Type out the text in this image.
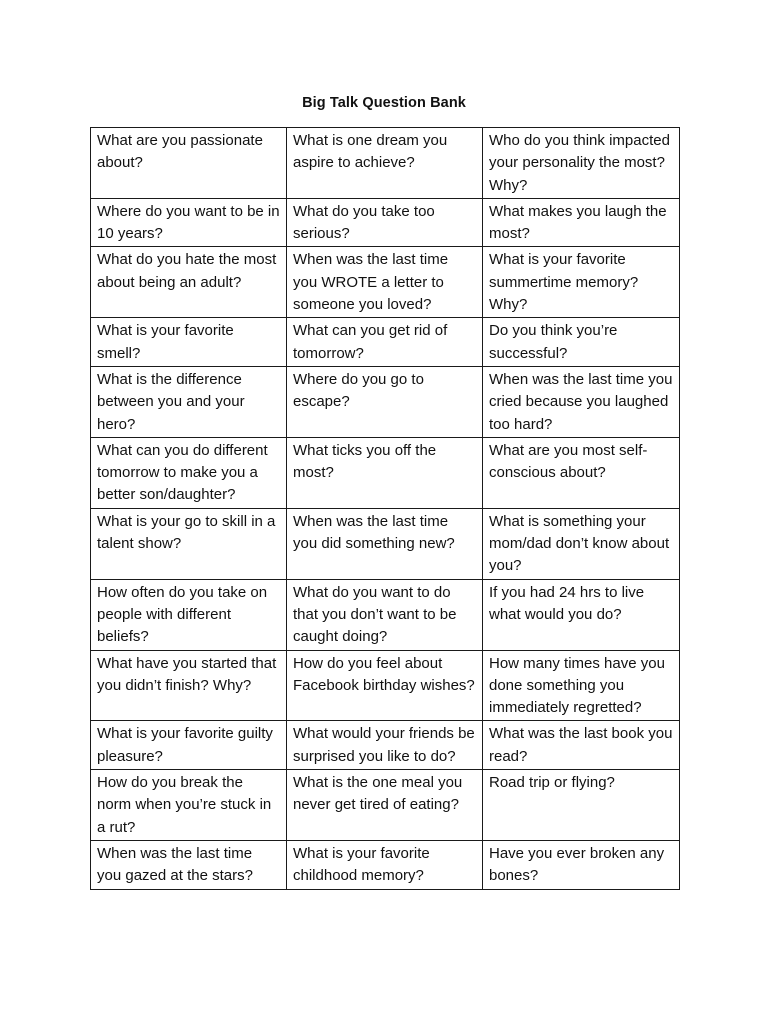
Big Talk Question Bank
What are you passionate about?	What is one dream you aspire to achieve?	Who do you think impacted your personality the most? Why?
Where do you want to be in 10 years?	What do you take too serious?	What makes you laugh the most?
What do you hate the most about being an adult?	When was the last time you WROTE a letter to someone you loved?	What is your favorite summertime memory? Why?
What is your favorite smell?	What can you get rid of tomorrow?	Do you think you’re successful?
What is the difference between you and your hero?	Where do you go to escape?	When was the last time you cried because you laughed too hard?
What can you do different tomorrow to make you a better son/daughter?	What ticks you off the most?	What are you most self-conscious about?
What is your go to skill in a talent show?	When was the last time you did something new?	What is something your mom/dad don’t know about you?
How often do you take on people with different beliefs?	What do you want to do that you don’t want to be caught doing?	If you had 24 hrs to live what would you do?
What have you started that you didn’t finish? Why?	How do you feel about Facebook birthday wishes?	How many times have you done something you immediately regretted?
What is your favorite guilty pleasure?	What would your friends be surprised you like to do?	What was the last book you read?
How do you break the norm when you’re stuck in a rut?	What is the one meal you never get tired of eating?	Road trip or flying?
When was the last time you gazed at the stars?	What is your favorite childhood memory?	Have you ever broken any bones?
